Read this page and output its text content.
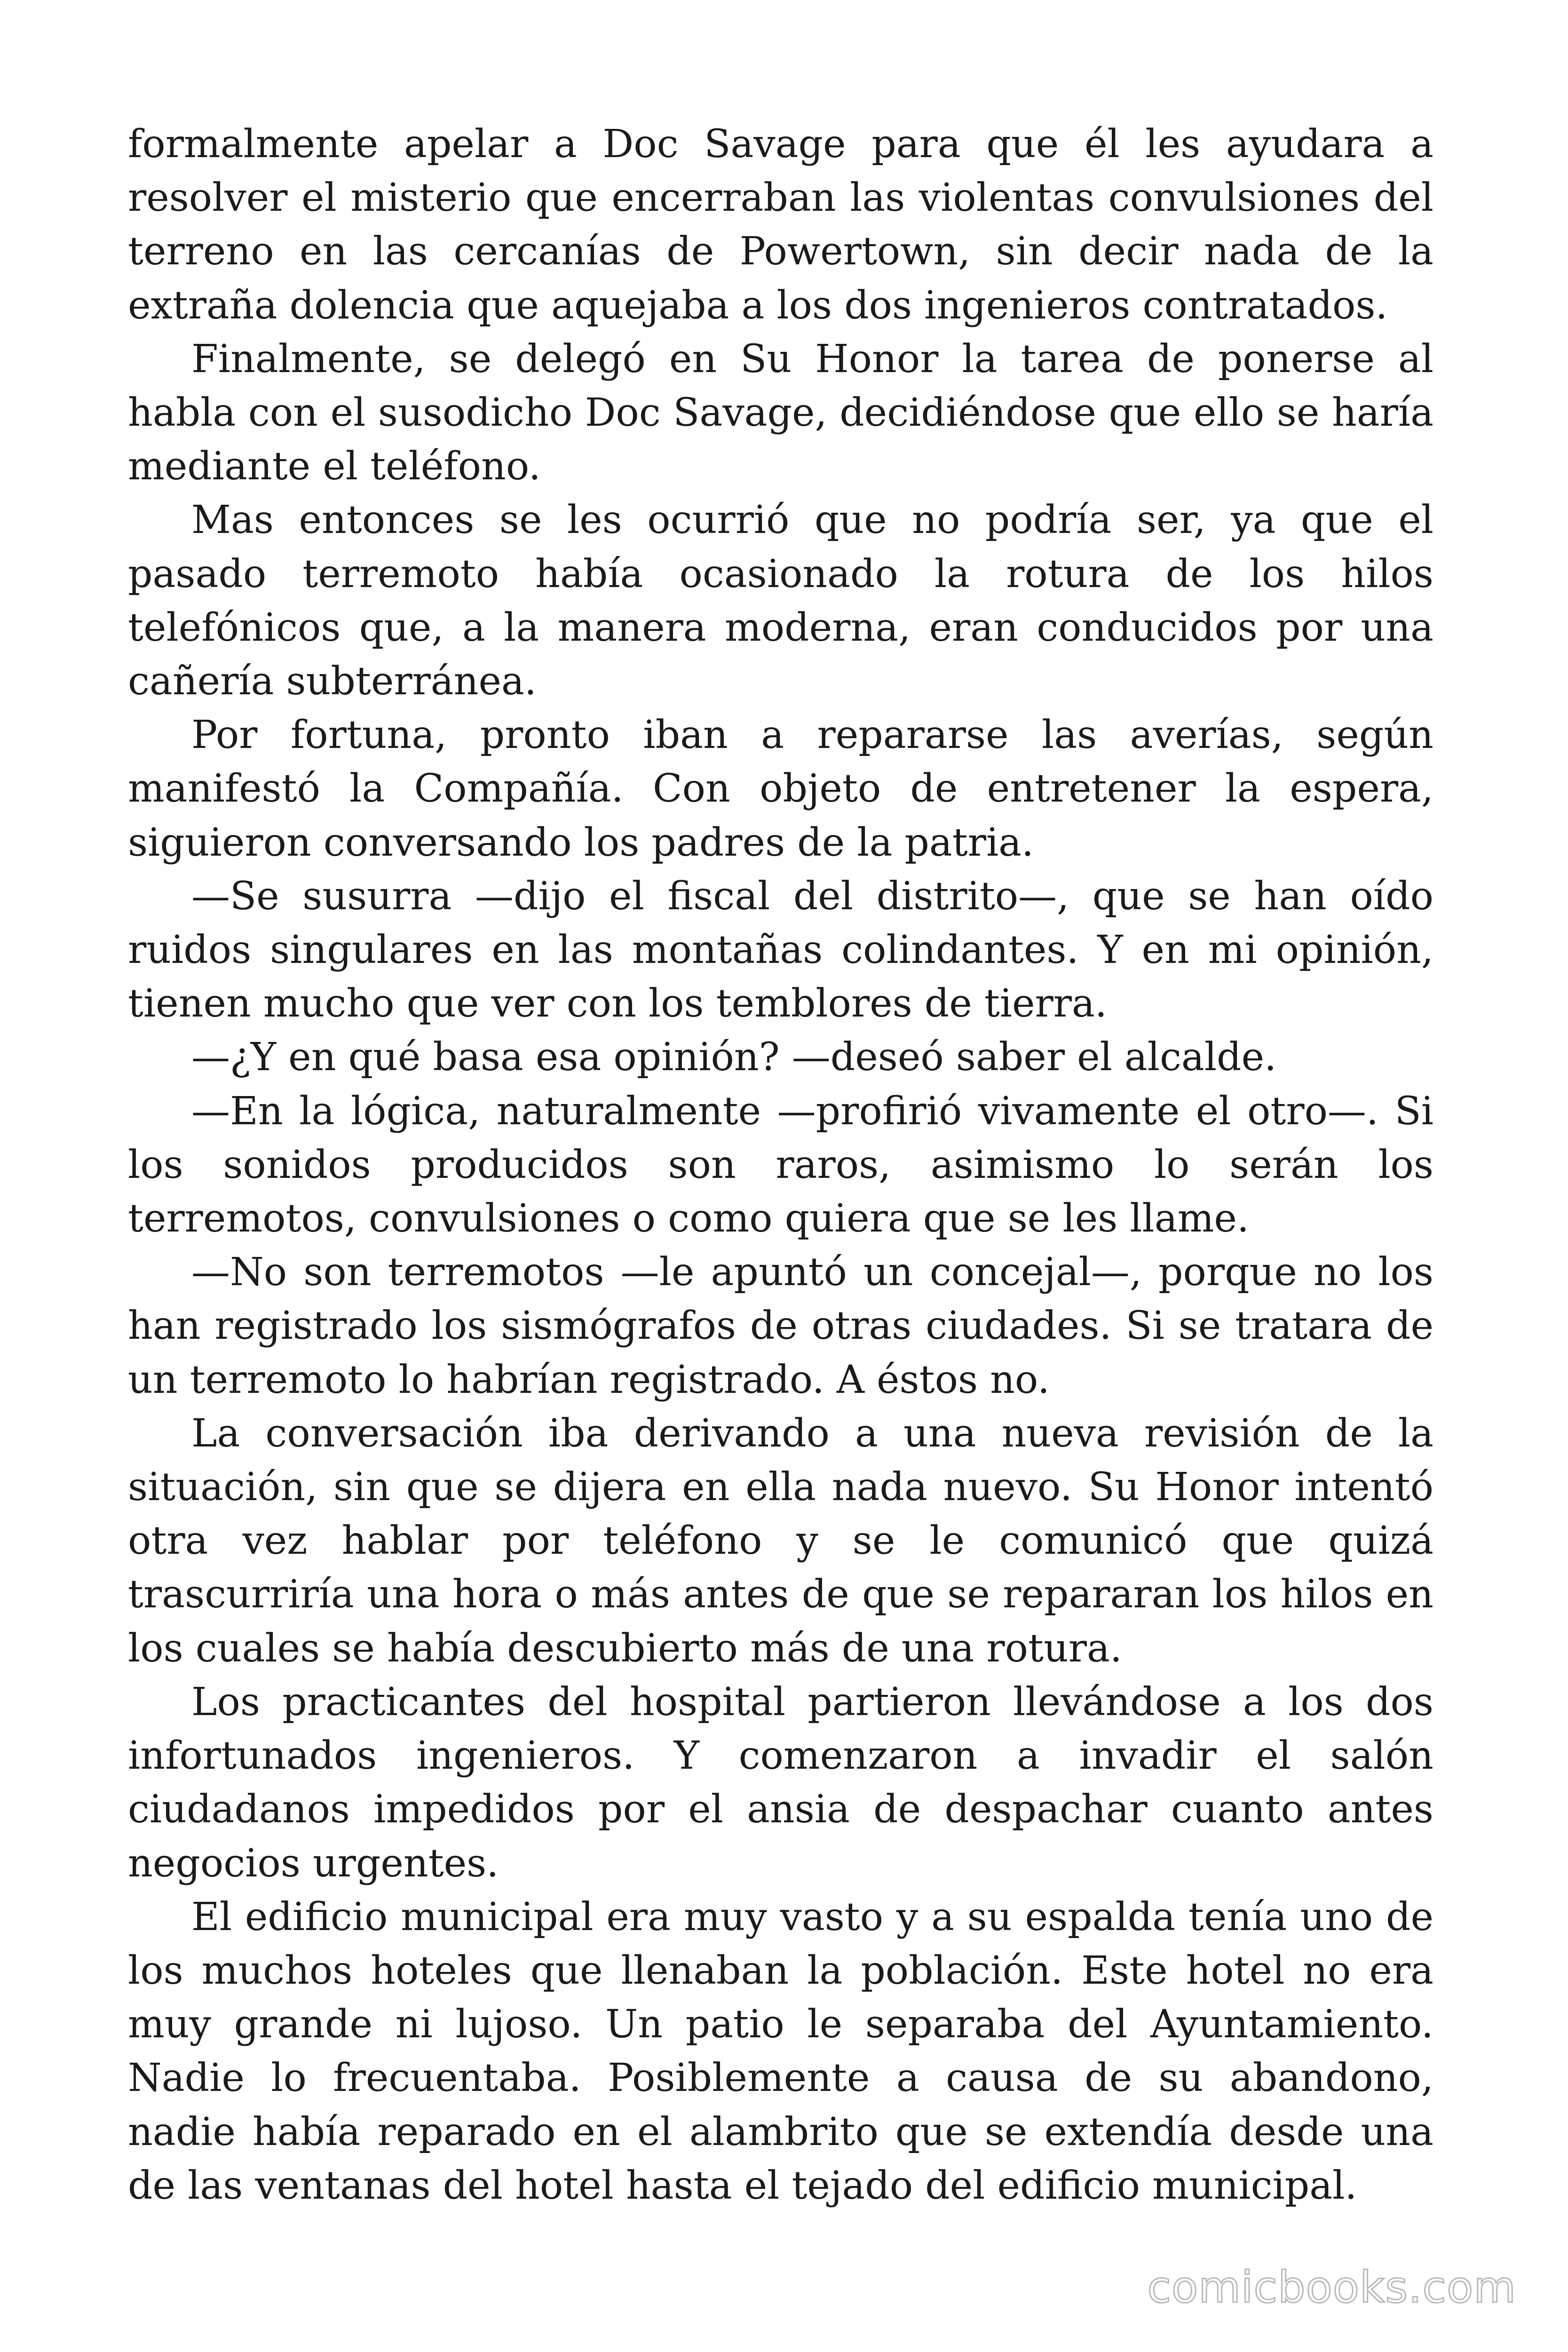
formalmente apelar a Doc Savage para que él les ayudara a resolver el misterio que encerraban las violentas convulsiones del terreno en las cercanías de Powertown, sin decir nada de la extraña dolencia que aquejaba a los dos ingenieros contratados.

Finalmente, se delegó en Su Honor la tarea de ponerse al habla con el susodicho Doc Savage, decidiéndose que ello se haría mediante el teléfono.

Mas entonces se les ocurrió que no podría ser, ya que el pasado terremoto había ocasionado la rotura de los hilos telefónicos que, a la manera moderna, eran conducidos por una cañería subterránea.

Por fortuna, pronto iban a repararse las averías, según manifestó la Compañía. Con objeto de entretener la espera, siguieron conversando los padres de la patria.

—Se susurra —dijo el fiscal del distrito—, que se han oído ruidos singulares en las montañas colindantes. Y en mi opinión, tienen mucho que ver con los temblores de tierra.

—¿Y en qué basa esa opinión? —deseó saber el alcalde.

—En la lógica, naturalmente —profirió vivamente el otro—. Si los sonidos producidos son raros, asimismo lo serán los terremotos, convulsiones o como quiera que se les llame.

—No son terremotos —le apuntó un concejal—, porque no los han registrado los sismógrafos de otras ciudades. Si se tratara de un terremoto lo habrían registrado. A éstos no.

La conversación iba derivando a una nueva revisión de la situación, sin que se dijera en ella nada nuevo. Su Honor intentó otra vez hablar por teléfono y se le comunicó que quizá trascurriría una hora o más antes de que se repararan los hilos en los cuales se había descubierto más de una rotura.

Los practicantes del hospital partieron llevándose a los dos infortunados ingenieros. Y comenzaron a invadir el salón ciudadanos impedidos por el ansia de despachar cuanto antes negocios urgentes.

El edificio municipal era muy vasto y a su espalda tenía uno de los muchos hoteles que llenaban la población. Este hotel no era muy grande ni lujoso. Un patio le separaba del Ayuntamiento. Nadie lo frecuentaba. Posiblemente a causa de su abandono, nadie había reparado en el alambrito que se extendía desde una de las ventanas del hotel hasta el tejado del edificio municipal.

comicbooks.com
